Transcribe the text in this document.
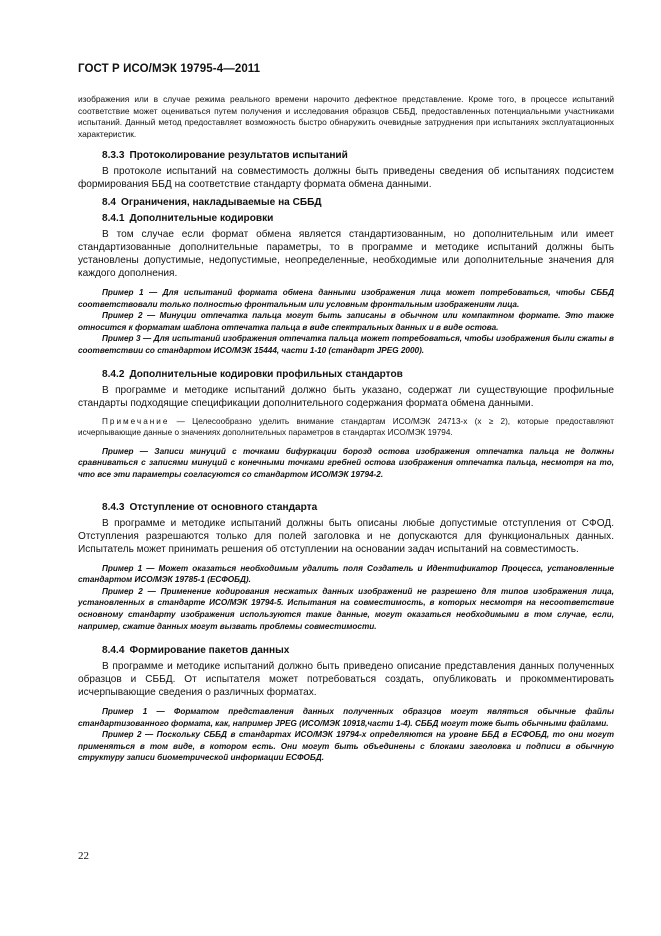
ГОСТ Р ИСО/МЭК 19795-4—2011

изображения или в случае режима реального времени нарочито дефектное представление. Кроме того, в процессе испытаний соответствие может оцениваться путем получения и исследования образцов СББД, предоставленных потенциальными участниками испытаний. Данный метод предоставляет возможность быстро обнаружить очевидные затруднения при испытаниях эксплуатационных характеристик.

8.3.3 Протоколирование результатов испытаний

В протоколе испытаний на совместимость должны быть приведены сведения об испытаниях подсистем формирования ББД на соответствие стандарту формата обмена данными.

8.4 Ограничения, накладываемые на СББД
8.4.1 Дополнительные кодировки

В том случае если формат обмена является стандартизованным, но дополнительным или имеет стандартизованные дополнительные параметры, то в программе и методике испытаний должны быть установлены допустимые, недопустимые, неопределенные, необходимые или дополнительные значения для каждого дополнения.

Пример 1 — Для испытаний формата обмена данными изображения лица может потребоваться, чтобы СББД соответствовали только полностью фронтальным или условным фронтальным изображениям лица.

Пример 2 — Минуции отпечатка пальца могут быть записаны в обычном или компактном формате. Это также относится к форматам шаблона отпечатка пальца в виде спектральных данных и в виде остова.

Пример 3 — Для испытаний изображения отпечатка пальца может потребоваться, чтобы изображения были сжаты в соответствии со стандартом ИСО/МЭК 15444, части 1-10 (стандарт JPEG 2000).

8.4.2 Дополнительные кодировки профильных стандартов

В программе и методике испытаний должно быть указано, содержат ли существующие профильные стандарты подходящие спецификации дополнительного содержания формата обмена данными.

Примечание — Целесообразно уделить внимание стандартам ИСО/МЭК 24713-х (х ≥ 2), которые предоставляют исчерпывающие данные о значениях дополнительных параметров в стандартах ИСО/МЭК 19794.

Пример — Записи минуций с точками бифуркации борозд остова изображения отпечатка пальца не должны сравниваться с записями минуций с конечными точками гребней остова изображения отпечатка пальца, несмотря на то, что все эти параметры согласуются со стандартом ИСО/МЭК 19794-2.

8.4.3 Отступление от основного стандарта

В программе и методике испытаний должны быть описаны любые допустимые отступления от СФОД. Отступления разрешаются только для полей заголовка и не допускаются для функциональных данных. Испытатель может принимать решения об отступлении на основании задач испытаний на совместимость.

Пример 1 — Может оказаться необходимым удалить поля Создатель и Идентификатор Процесса, установленные стандартом ИСО/МЭК 19785-1 (ЕСФОБД).

Пример 2 — Применение кодирования несжатых данных изображений не разрешено для типов изображения лица, установленных в стандарте ИСО/МЭК 19794-5. Испытания на совместимость, в которых несмотря на несоответствие основному стандарту изображения используются такие данные, могут оказаться необходимыми в том случае, если, например, сжатие данных могут вызвать проблемы совместимости.

8.4.4 Формирование пакетов данных

В программе и методике испытаний должно быть приведено описание представления данных полученных образцов и СББД. От испытателя может потребоваться создать, опубликовать и прокомментировать исчерпывающие сведения о различных форматах.

Пример 1 — Форматом представления данных полученных образцов могут являться обычные файлы стандартизованного формата, как, например JPEG (ИСО/МЭК 10918,части 1-4). СББД могут тоже быть обычными файлами.

Пример 2 — Поскольку СББД в стандартах ИСО/МЭК 19794-х определяются на уровне ББД в ЕСФОБД, то они могут применяться в том виде, в котором есть. Они могут быть объединены с блоками заголовка и подписи в обычную структуру записи биометрической информации ЕСФОБД.

22
